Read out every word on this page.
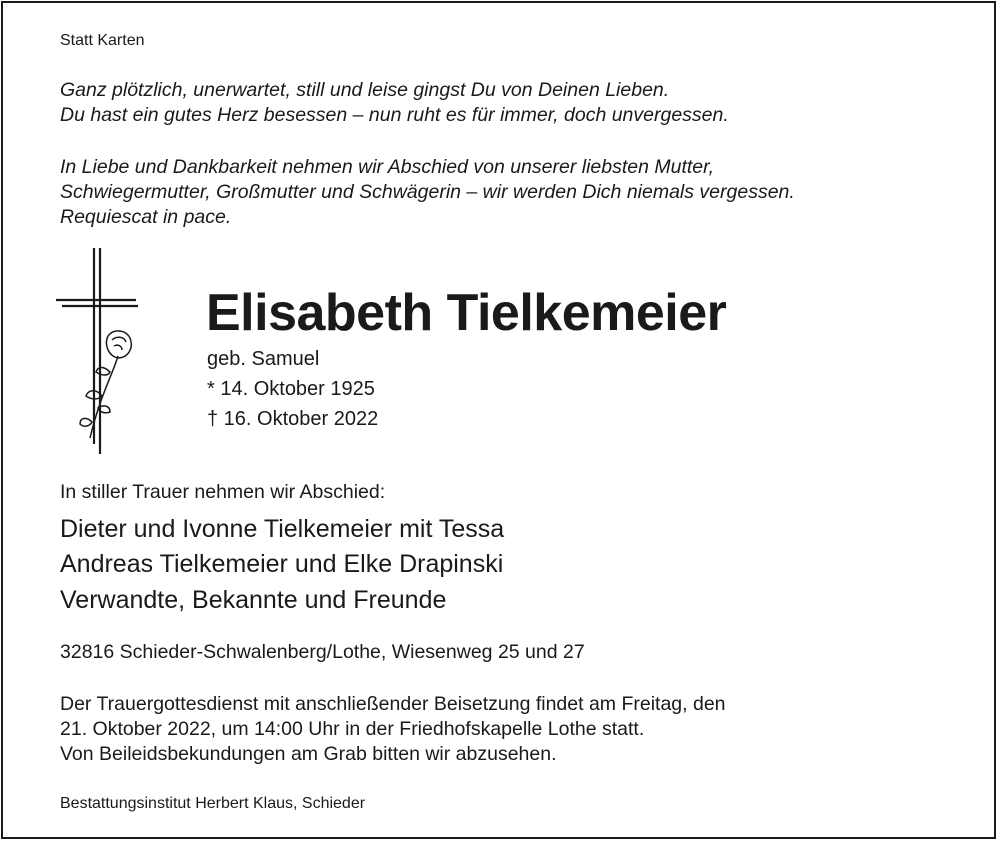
Statt Karten
Ganz plötzlich, unerwartet, still und leise gingst Du von Deinen Lieben.
Du hast ein gutes Herz besessen – nun ruht es für immer, doch unvergessen.
In Liebe und Dankbarkeit nehmen wir Abschied von unserer liebsten Mutter,
Schwiegermutter, Großmutter und Schwägerin – wir werden Dich niemals vergessen.
Requiescat in pace.
Elisabeth Tielkemeier
geb. Samuel
* 14. Oktober 1925
† 16. Oktober 2022
In stiller Trauer nehmen wir Abschied:
Dieter und Ivonne Tielkemeier mit Tessa
Andreas Tielkemeier und Elke Drapinski
Verwandte, Bekannte und Freunde
32816 Schieder-Schwalenberg/Lothe, Wiesenweg 25 und 27
Der Trauergottesdienst mit anschließender Beisetzung findet am Freitag, den
21. Oktober 2022, um 14:00 Uhr in der Friedhofskapelle Lothe statt.
Von Beileidsbekundungen am Grab bitten wir abzusehen.
Bestattungsinstitut Herbert Klaus, Schieder
